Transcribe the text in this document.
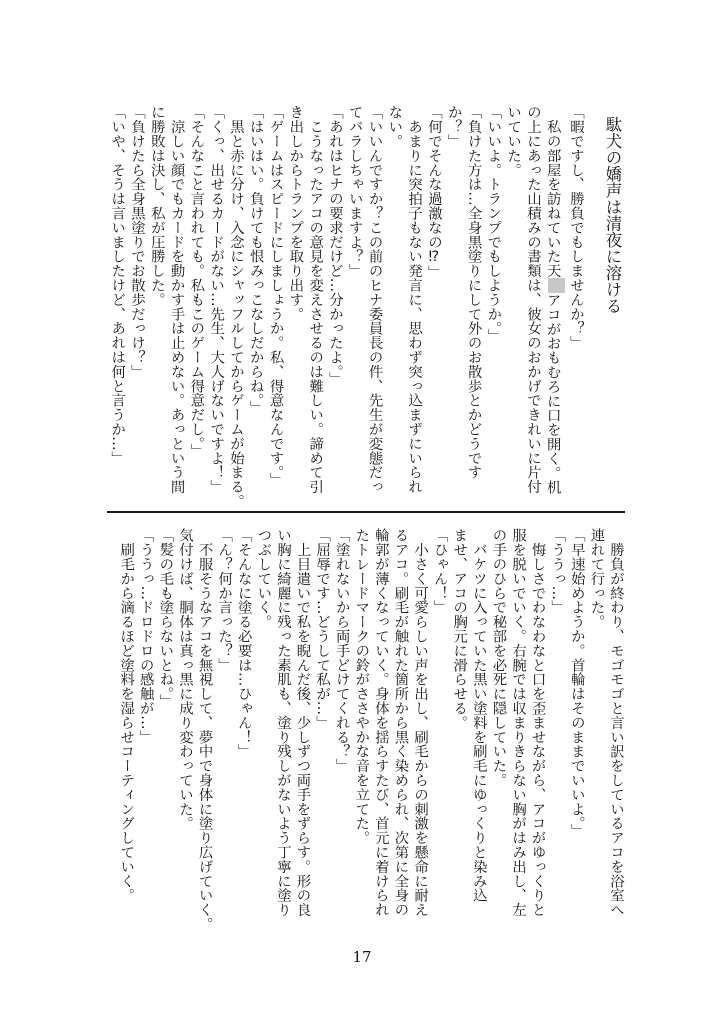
駄犬の嬌声は清夜に溶ける
「暇ですし、勝負でもしませんか？」
　私の部屋を訪ねていた天アコがおもむろに口を開く。机
の上にあった山積みの書類は、彼女のおかげできれいに片付
いていた。
「いいよ。トランプでもしようか。」
「負けた方は…全身黒塗りにして外のお散歩とかどうです
か？」
「何でそんな過激なの⁉」
　あまりに突拍子もない発言に、思わず突っ込まずにいられ
ない。
「いいんですか？この前のヒナ委員長の件、先生が変態だっ
てバラしちゃいますよ？」
「あれはヒナの要求だけど…分かったよ。」
　こうなったアコの意見を変えさせるのは難しい。諦めて引
き出しからトランプを取り出す。
「ゲームはスピードにしましょうか。私、得意なんです。」
「はいはい。負けても恨みっこなしだからね。」
　黒と赤に分け、入念にシャッフルしてからゲームが始まる。
「くっ、出せるカードがない…先生、大人げないですよ！」
「そんなこと言われても。私もこのゲーム得意だし。」
　涼しい顔でもカードを動かす手は止めない。あっという間
に勝敗は決し、私が圧勝した。
「負けたら全身黒塗りでお散歩だっけ？」
「いや、そうは言いましたけど、あれは何と言うか…」
　勝負が終わり、モゴモゴと言い訳をしているアコを浴室へ
連れて行った。
「早速始めようか。首輪はそのままでいいよ。」
「ううっ…」
　悔しさでわなわなと口を歪ませながら、アコがゆっくりと
服を脱いでいく。右腕では収まりきらない胸がはみ出し、左
の手のひらで秘部を必死に隠していた。
　バケツに入っていた黒い塗料を刷毛にゆっくりと染み込
ませ、アコの胸元に滑らせる。
「ひゃん！」
　小さく可愛らしい声を出し、刷毛からの刺激を懸命に耐え
るアコ。刷毛が触れた箇所から黒く染められ、次第に全身の
輪郭が薄くなっていく。身体を揺らすたび、首元に着けられ
たトレードマークの鈴がささやかな音を立てた。
「塗れないから両手どけてくれる？」
「屈辱です…どうして私が…」
　上目遣いで私を睨んだ後、少しずつ両手をずらす。形の良
い胸に綺麗に残った素肌も、塗り残しがないよう丁寧に塗り
つぶしていく。
「そんなに塗る必要は…ひゃん！」
「ん？何か言った？」
　不服そうなアコを無視して、夢中で身体に塗り広げていく。
気付けば、胴体は真っ黒に成り変わっていた。
「髪の毛も塗らないとね。」
「ううっ…ドロドロの感触が…」
　刷毛から滴るほど塗料を湿らせコーティングしていく。
17
